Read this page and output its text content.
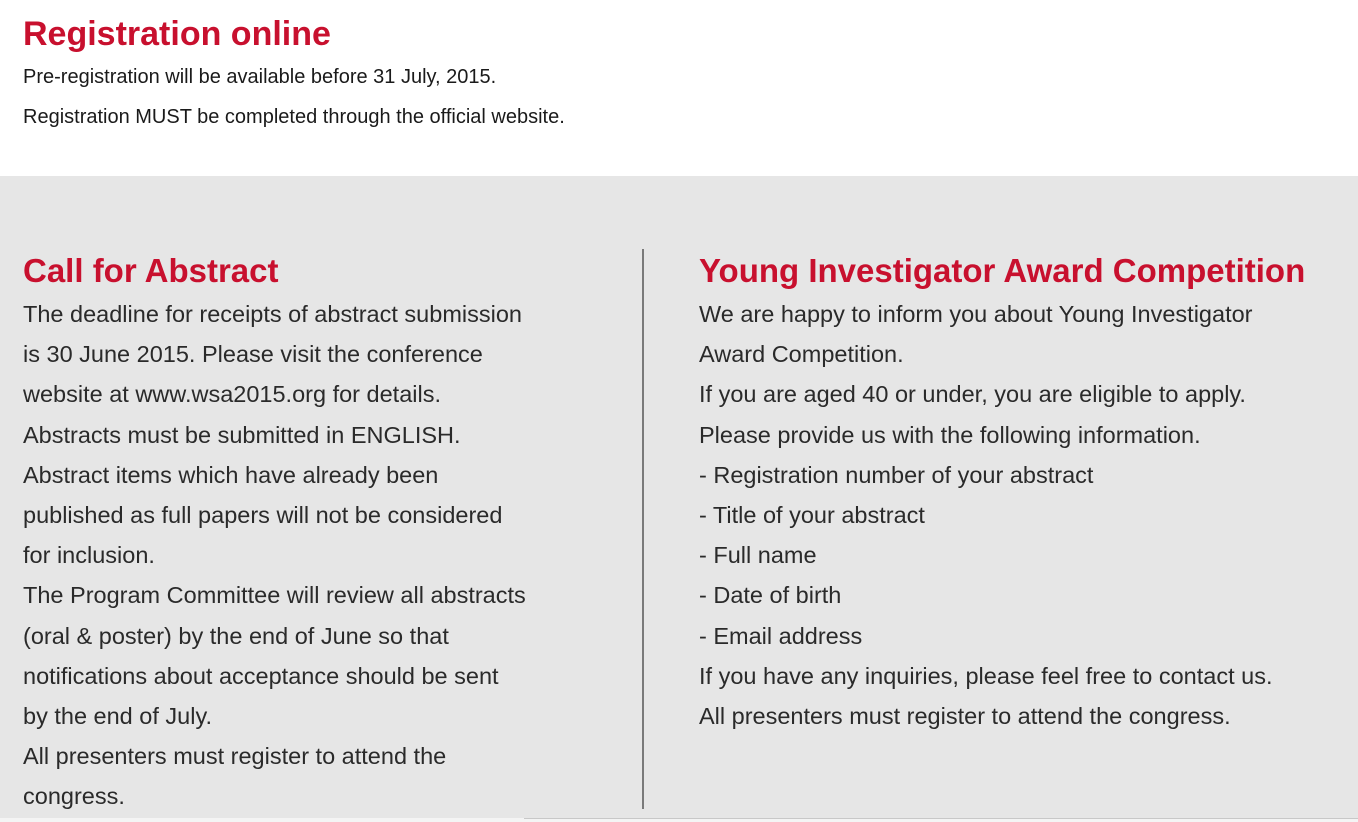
Registration online

Pre-registration will be available before 31 July, 2015.

Registration MUST be completed through the official website.

Call for Abstract
The deadline for receipts of abstract submission
is 30 June 2015. Please visit the conference
website at www.wsa2015.org for details.
Abstracts must be submitted in ENGLISH.
Abstract items which have already been
published as full papers will not be considered
for inclusion.
The Program Committee will review all abstracts
(oral & poster) by the end of June so that
notifications about acceptance should be sent
by the end of July.
All presenters must register to attend the
congress.
Young Investigator Award Competition
We are happy to inform you about Young Investigator
Award Competition.
If you are aged 40 or under, you are eligible to apply.
Please provide us with the following information.
- Registration number of your abstract
- Title of your abstract
- Full name
- Date of birth
- Email address
If you have any inquiries, please feel free to contact us.
All presenters must register to attend the congress.
